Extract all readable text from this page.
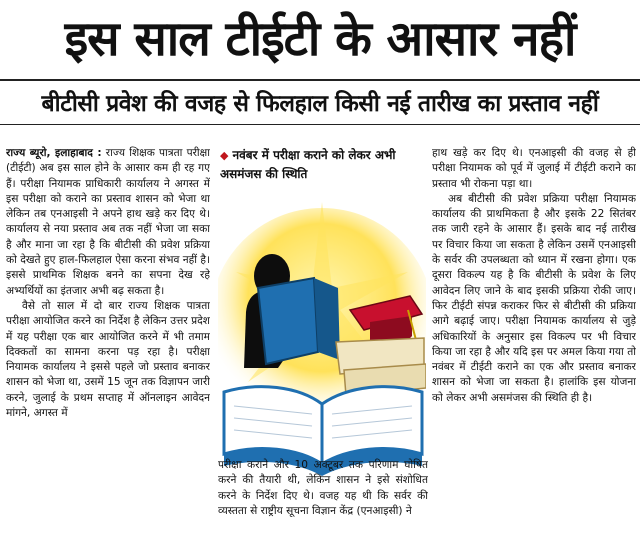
इस साल टीईटी के आसार नहीं
बीटीसी प्रवेश की वजह से फिलहाल किसी नई तारीख का प्रस्ताव नहीं

राज्य ब्यूरो, इलाहाबाद : राज्य शिक्षक पात्रता परीक्षा (टीईटी) अब इस साल होने के आसार कम ही रह गए हैं। परीक्षा नियामक प्राधिकारी कार्यालय ने अगस्त में इस परीक्षा को कराने का प्रस्ताव शासन को भेजा था लेकिन तब एनआइसी ने अपने हाथ खड़े कर दिए थे। कार्यालय से नया प्रस्ताव अब तक नहीं भेजा जा सका है और माना जा रहा है कि बीटीसी की प्रवेश प्रक्रिया को देखते हुए हाल-फिलहाल ऐसा करना संभव नहीं है। इससे प्राथमिक शिक्षक बनने का सपना देख रहे अभ्यर्थियों का इंतजार अभी बढ़ सकता है।

वैसे तो साल में दो बार राज्य शिक्षक पात्रता परीक्षा आयोजित करने का निर्देश है लेकिन उत्तर प्रदेश में यह परीक्षा एक बार आयोजित करने में भी तमाम दिक्कतों का सामना करना पड़ रहा है। परीक्षा नियामक कार्यालय ने इससे पहले जो प्रस्ताव बनाकर शासन को भेजा था, उसमें 15 जून तक विज्ञापन जारी करने, जुलाई के प्रथम सप्ताह में ऑनलाइन आवेदन मांगने, अगस्त में

◆ नवंबर में परीक्षा कराने को लेकर अभी असमंजस की स्थिति

परीक्षा कराने और 10 अक्टूबर तक परिणाम घोषित करने की तैयारी थी, लेकिन शासन ने इसे संशोधित करने के निर्देश दिए थे। वजह यह थी कि सर्वर की व्यस्तता से राष्ट्रीय सूचना विज्ञान केंद्र (एनआइसी) ने

हाथ खड़े कर दिए थे। एनआइसी की वजह से ही परीक्षा नियामक को पूर्व में जुलाई में टीईटी कराने का प्रस्ताव भी रोकना पड़ा था।

अब बीटीसी की प्रवेश प्रक्रिया परीक्षा नियामक कार्यालय की प्राथमिकता है और इसके 22 सितंबर तक जारी रहने के आसार हैं। इसके बाद नई तारीख पर विचार किया जा सकता है लेकिन उसमें एनआइसी के सर्वर की उपलब्धता को ध्यान में रखना होगा। एक दूसरा विकल्प यह है कि बीटीसी के प्रवेश के लिए आवेदन लिए जाने के बाद इसकी प्रक्रिया रोकी जाए। फिर टीईटी संपन्न कराकर फिर से बीटीसी की प्रक्रिया आगे बढ़ाई जाए। परीक्षा नियामक कार्यालय से जुड़े अधिकारियों के अनुसार इस विकल्प पर भी विचार किया जा रहा है और यदि इस पर अमल किया गया तो नवंबर में टीईटी कराने का एक और प्रस्ताव बनाकर शासन को भेजा जा सकता है। हालांकि इस योजना को लेकर अभी असमंजस की स्थिति ही है।
